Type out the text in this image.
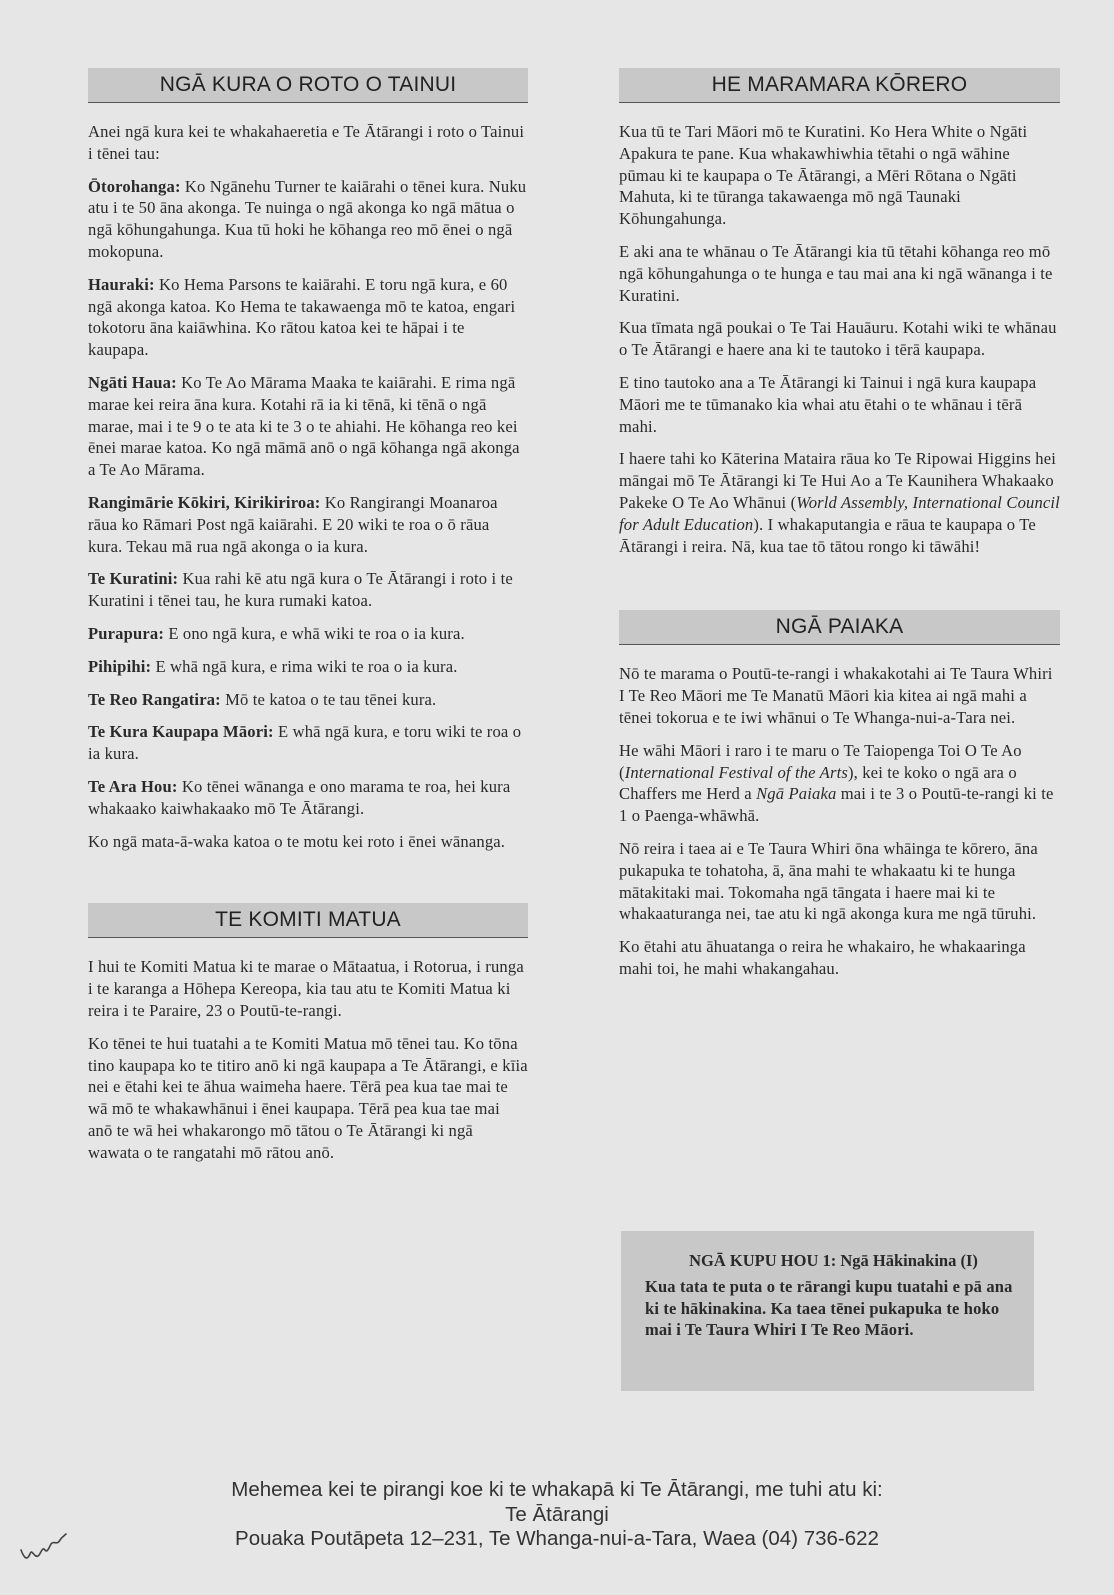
NGĀ KURA O ROTO O TAINUI

Anei ngā kura kei te whakahaeretia e Te Ātārangi i roto o Tainui i tēnei tau:

Ōtorohanga: Ko Ngānehu Turner te kaiārahi o tēnei kura. Nuku atu i te 50 āna akonga. Te nuinga o ngā akonga ko ngā mātua o ngā kōhungahunga. Kua tū hoki he kōhanga reo mō ēnei o ngā mokopuna.

Hauraki: Ko Hema Parsons te kaiārahi. E toru ngā kura, e 60 ngā akonga katoa. Ko Hema te takawaenga mō te katoa, engari tokotoru āna kaiāwhina. Ko rātou katoa kei te hāpai i te kaupapa.

Ngāti Haua: Ko Te Ao Mārama Maaka te kaiārahi. E rima ngā marae kei reira āna kura. Kotahi rā ia ki tēnā, ki tēnā o ngā marae, mai i te 9 o te ata ki te 3 o te ahiahi. He kōhanga reo kei ēnei marae katoa. Ko ngā māmā anō o ngā kōhanga ngā akonga a Te Ao Mārama.

Rangimārie Kōkiri, Kirikiriroa: Ko Rangirangi Moanaroa rāua ko Rāmari Post ngā kaiārahi. E 20 wiki te roa o ō rāua kura. Tekau mā rua ngā akonga o ia kura.

Te Kuratini: Kua rahi kē atu ngā kura o Te Ātārangi i roto i te Kuratini i tēnei tau, he kura rumaki katoa.

Purapura: E ono ngā kura, e whā wiki te roa o ia kura.

Pihipihi: E whā ngā kura, e rima wiki te roa o ia kura.

Te Reo Rangatira: Mō te katoa o te tau tēnei kura.

Te Kura Kaupapa Māori: E whā ngā kura, e toru wiki te roa o ia kura.

Te Ara Hou: Ko tēnei wānanga e ono marama te roa, hei kura whakaako kaiwhakaako mō Te Ātārangi.

Ko ngā mata-ā-waka katoa o te motu kei roto i ēnei wānanga.

TE KOMITI MATUA

I hui te Komiti Matua ki te marae o Mātaatua, i Rotorua, i runga i te karanga a Hōhepa Kereopa, kia tau atu te Komiti Matua ki reira i te Paraire, 23 o Poutū-te-rangi.

Ko tēnei te hui tuatahi a te Komiti Matua mō tēnei tau. Ko tōna tino kaupapa ko te titiro anō ki ngā kaupapa a Te Ātārangi, e kīia nei e ētahi kei te āhua waimeha haere. Tērā pea kua tae mai te wā mō te whakawhānui i ēnei kaupapa. Tērā pea kua tae mai anō te wā hei whakarongo mō tātou o Te Ātārangi ki ngā wawata o te rangatahi mō rātou anō.

HE MARAMARA KŌRERO

Kua tū te Tari Māori mō te Kuratini. Ko Hera White o Ngāti Apakura te pane. Kua whakawhiwhia tētahi o ngā wāhine pūmau ki te kaupapa o Te Ātārangi, a Mēri Rōtana o Ngāti Mahuta, ki te tūranga takawaenga mō ngā Taunaki Kōhungahunga.

E aki ana te whānau o Te Ātārangi kia tū tētahi kōhanga reo mō ngā kōhungahunga o te hunga e tau mai ana ki ngā wānanga i te Kuratini.

Kua tīmata ngā poukai o Te Tai Hauāuru. Kotahi wiki te whānau o Te Ātārangi e haere ana ki te tautoko i tērā kaupapa.

E tino tautoko ana a Te Ātārangi ki Tainui i ngā kura kaupapa Māori me te tūmanako kia whai atu ētahi o te whānau i tērā mahi.

I haere tahi ko Kāterina Mataira rāua ko Te Ripowai Higgins hei māngai mō Te Ātārangi ki Te Hui Ao a Te Kaunihera Whakaako Pakeke O Te Ao Whānui (World Assembly, International Council for Adult Education). I whakaputangia e rāua te kaupapa o Te Ātārangi i reira. Nā, kua tae tō tātou rongo ki tāwāhi!

NGĀ PAIAKA

Nō te marama o Poutū-te-rangi i whakakotahi ai Te Taura Whiri I Te Reo Māori me Te Manatū Māori kia kitea ai ngā mahi a tēnei tokorua e te iwi whānui o Te Whanga-nui-a-Tara nei.

He wāhi Māori i raro i te maru o Te Taiopenga Toi O Te Ao (International Festival of the Arts), kei te koko o ngā ara o Chaffers me Herd a Ngā Paiaka mai i te 3 o Poutū-te-rangi ki te 1 o Paenga-whāwhā.

Nō reira i taea ai e Te Taura Whiri ōna whāinga te kōrero, āna pukapuka te tohatoha, ā, āna mahi te whakaatu ki te hunga mātakitaki mai. Tokomaha ngā tāngata i haere mai ki te whakaaturanga nei, tae atu ki ngā akonga kura me ngā tūruhi.

Ko ētahi atu āhuatanga o reira he whakairo, he whakaaringa mahi toi, he mahi whakangahau.

NGĀ KUPU HOU 1: Ngā Hākinakina (I)

Kua tata te puta o te rārangi kupu tuatahi e pā ana ki te hākinakina. Ka taea tēnei pukapuka te hoko mai i Te Taura Whiri I Te Reo Māori.

Mehemea kei te pirangi koe ki te whakapā ki Te Ātārangi, me tuhi atu ki:
Te Ātārangi
Pouaka Poutāpeta 12–231, Te Whanga-nui-a-Tara, Waea (04) 736-622
